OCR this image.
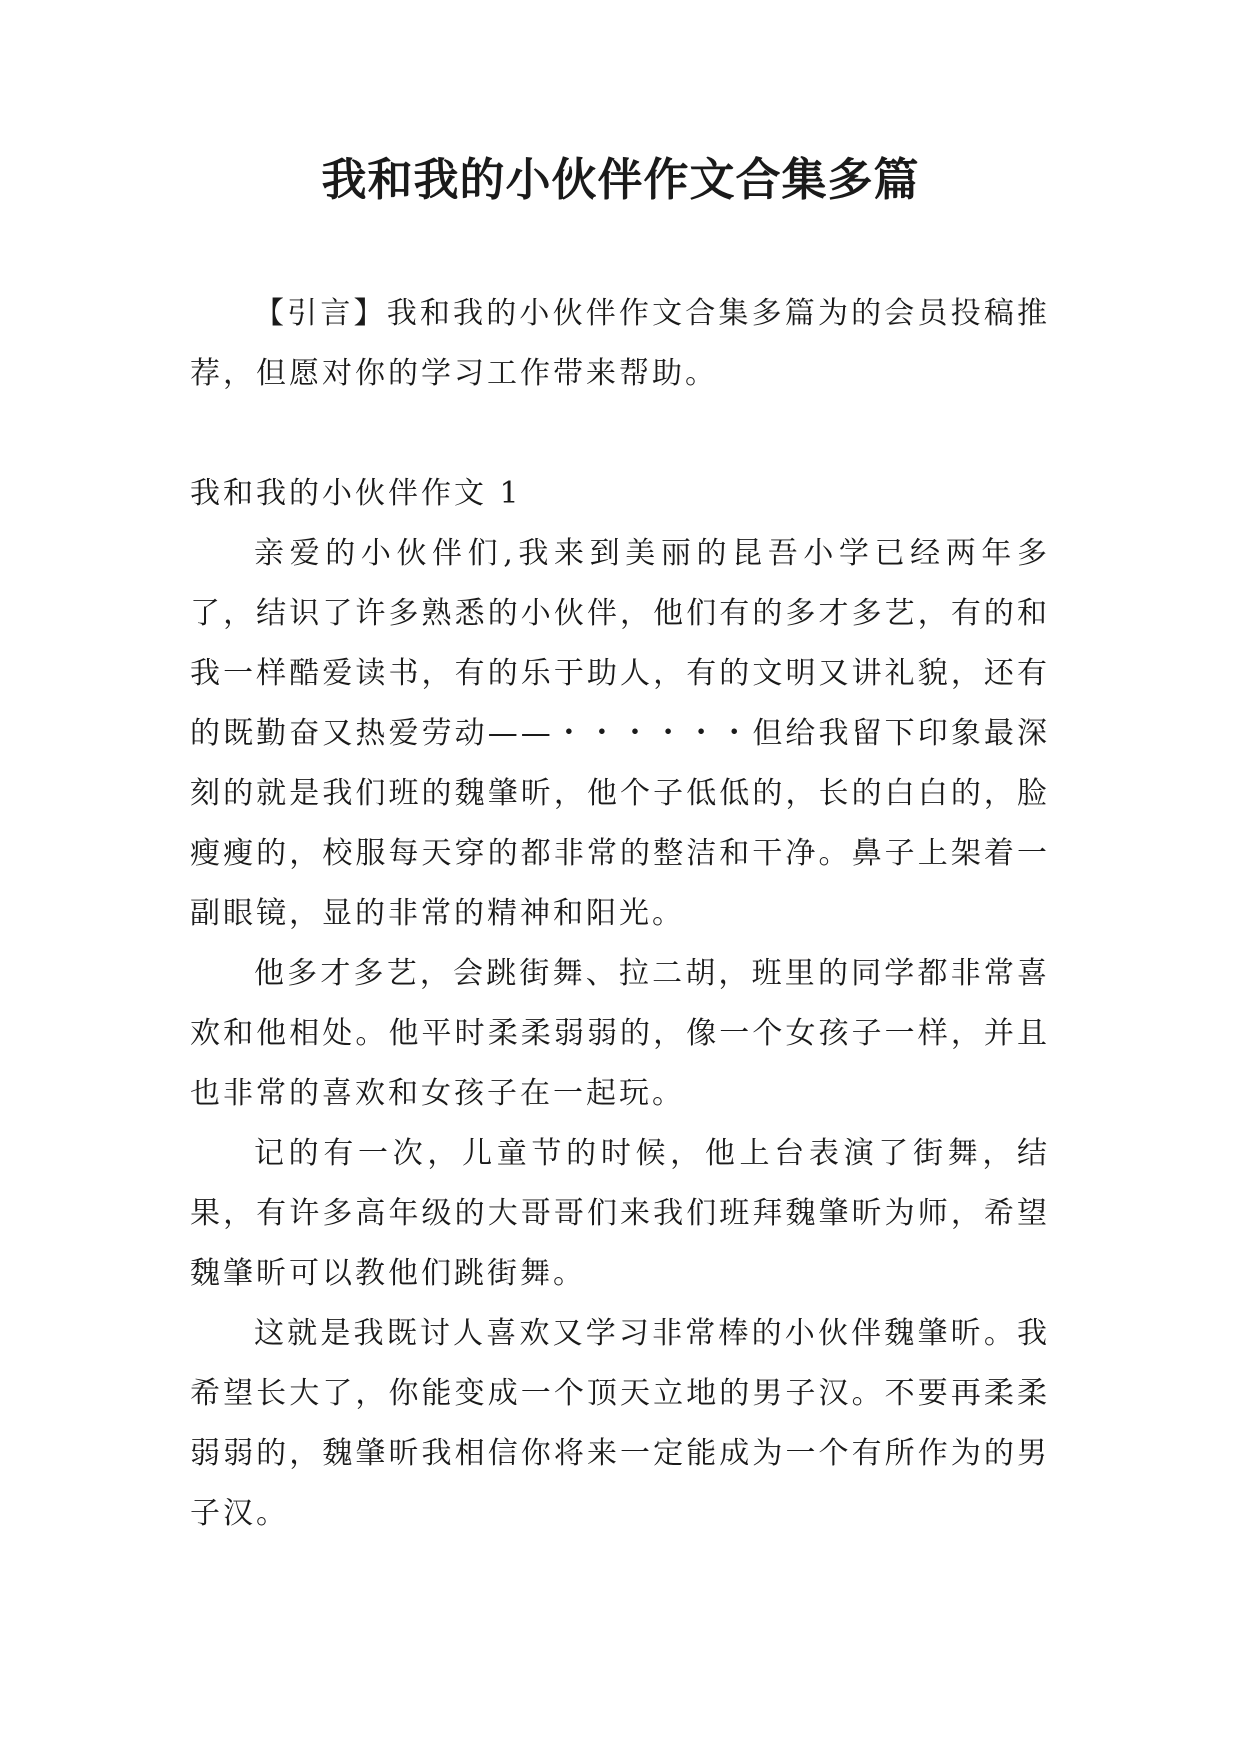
我和我的小伙伴作文合集多篇

【引言】我和我的小伙伴作文合集多篇为的会员投稿推荐，但愿对你的学习工作带来帮助。

我和我的小伙伴作文 1

亲爱的小伙伴们,我来到美丽的昆吾小学已经两年多了，结识了许多熟悉的小伙伴，他们有的多才多艺，有的和我一样酷爱读书，有的乐于助人，有的文明又讲礼貌，还有的既勤奋又热爱劳动——・・・・・・但给我留下印象最深刻的就是我们班的魏肇昕，他个子低低的，长的白白的，脸瘦瘦的，校服每天穿的都非常的整洁和干净。鼻子上架着一副眼镜，显的非常的精神和阳光。

他多才多艺，会跳街舞、拉二胡，班里的同学都非常喜欢和他相处。他平时柔柔弱弱的，像一个女孩子一样，并且也非常的喜欢和女孩子在一起玩。

记的有一次，儿童节的时候，他上台表演了街舞，结果，有许多高年级的大哥哥们来我们班拜魏肇昕为师，希望魏肇昕可以教他们跳街舞。

这就是我既讨人喜欢又学习非常棒的小伙伴魏肇昕。我希望长大了，你能变成一个顶天立地的男子汉。不要再柔柔弱弱的，魏肇昕我相信你将来一定能成为一个有所作为的男子汉。
